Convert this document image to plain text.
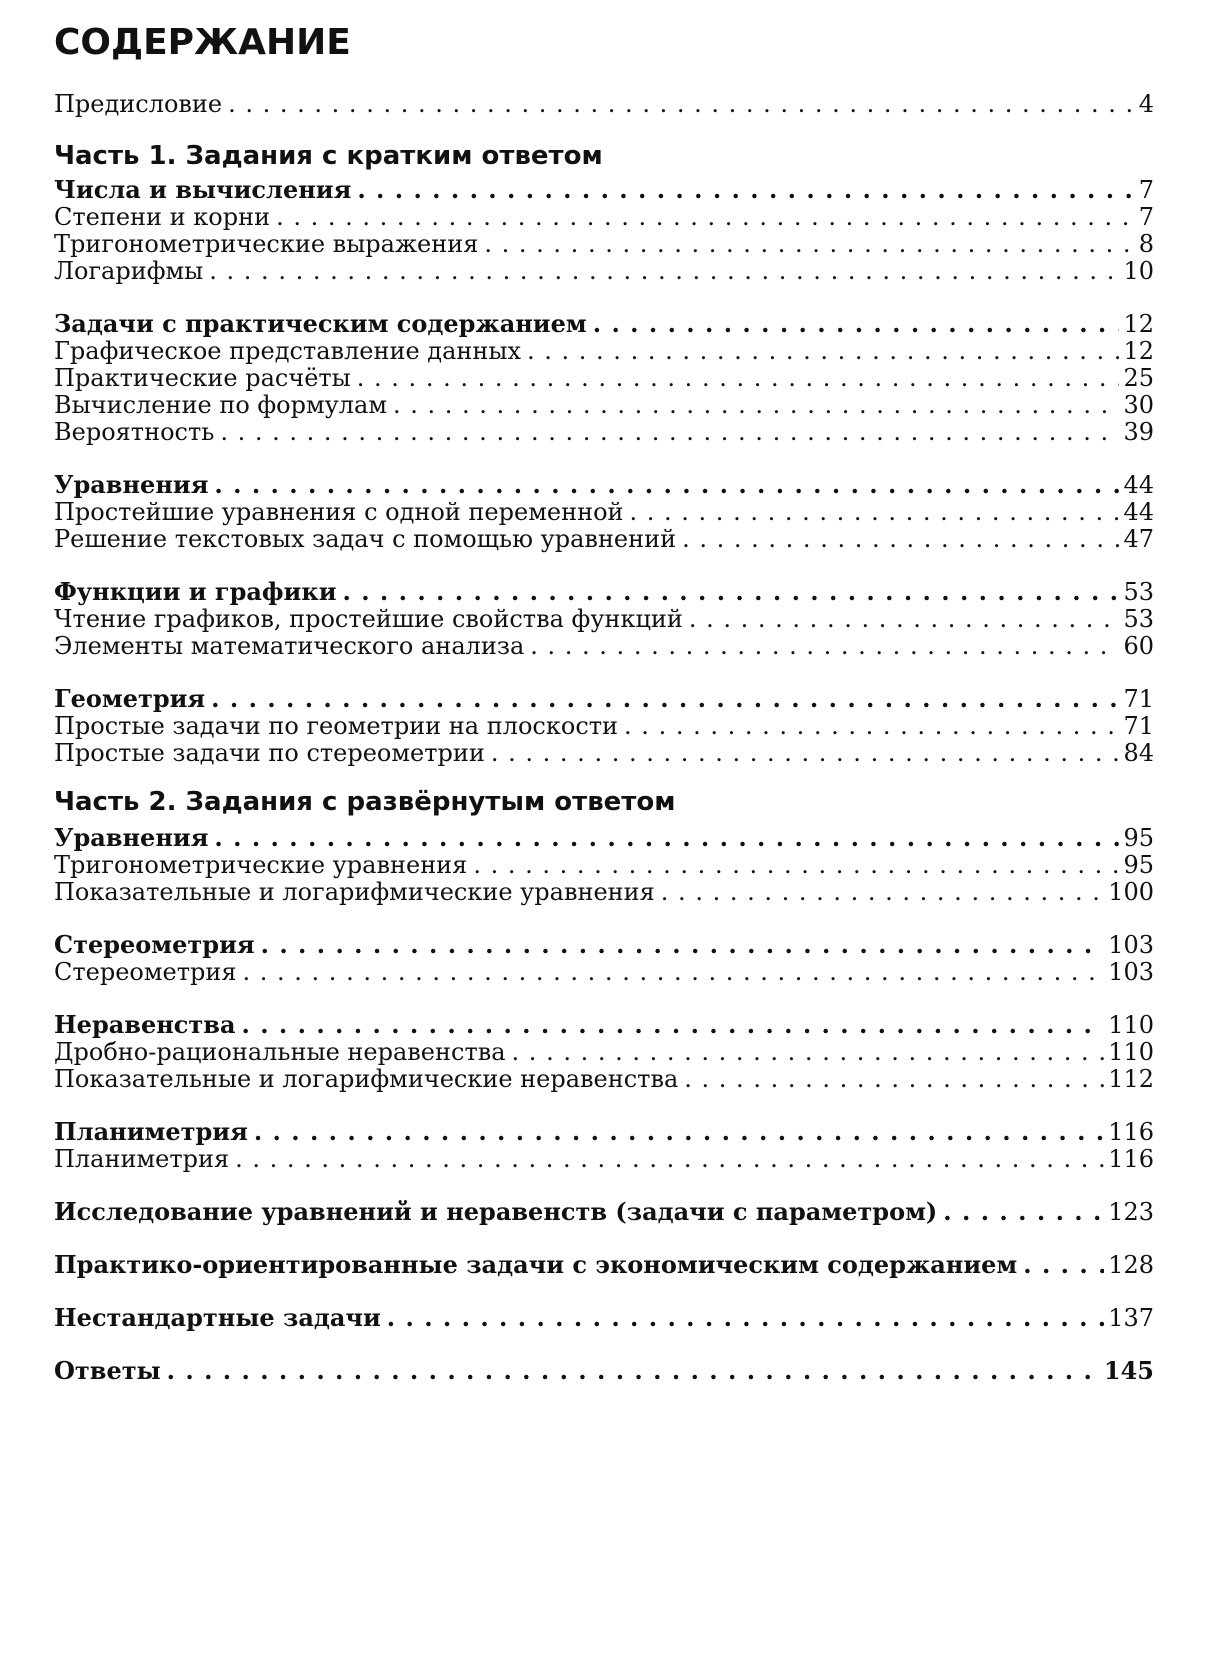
СОДЕРЖАНИЕ
Предисловие . . .	4
Часть 1. Задания с кратким ответом
Числа и вычисления . . .	7
Степени и корни . . .	7
Тригонометрические выражения . . .	8
Логарифмы . . .	10
Задачи с практическим содержанием . . .	12
Графическое представление данных . . .	12
Практические расчёты . . .	25
Вычисление по формулам . . .	30
Вероятность . . .	39
Уравнения . . .	44
Простейшие уравнения с одной переменной . . .	44
Решение текстовых задач с помощью уравнений . . .	47
Функции и графики . . .	53
Чтение графиков, простейшие свойства функций . . .	53
Элементы математического анализа . . .	60
Геометрия . . .	71
Простые задачи по геометрии на плоскости . . .	71
Простые задачи по стереометрии . . .	84
Часть 2. Задания с развёрнутым ответом
Уравнения . . .	95
Тригонометрические уравнения . . .	95
Показательные и логарифмические уравнения . . .	100
Стереометрия . . .	103
Стереометрия . . .	103
Неравенства . . .	110
Дробно-рациональные неравенства . . .	110
Показательные и логарифмические неравенства . . .	112
Планиметрия . . .	116
Планиметрия . . .	116
Исследование уравнений и неравенств (задачи с параметром) . . .	123
Практико-ориентированные задачи с экономическим содержанием . . .	128
Нестандартные задачи . . .	137
Ответы . . .	145
